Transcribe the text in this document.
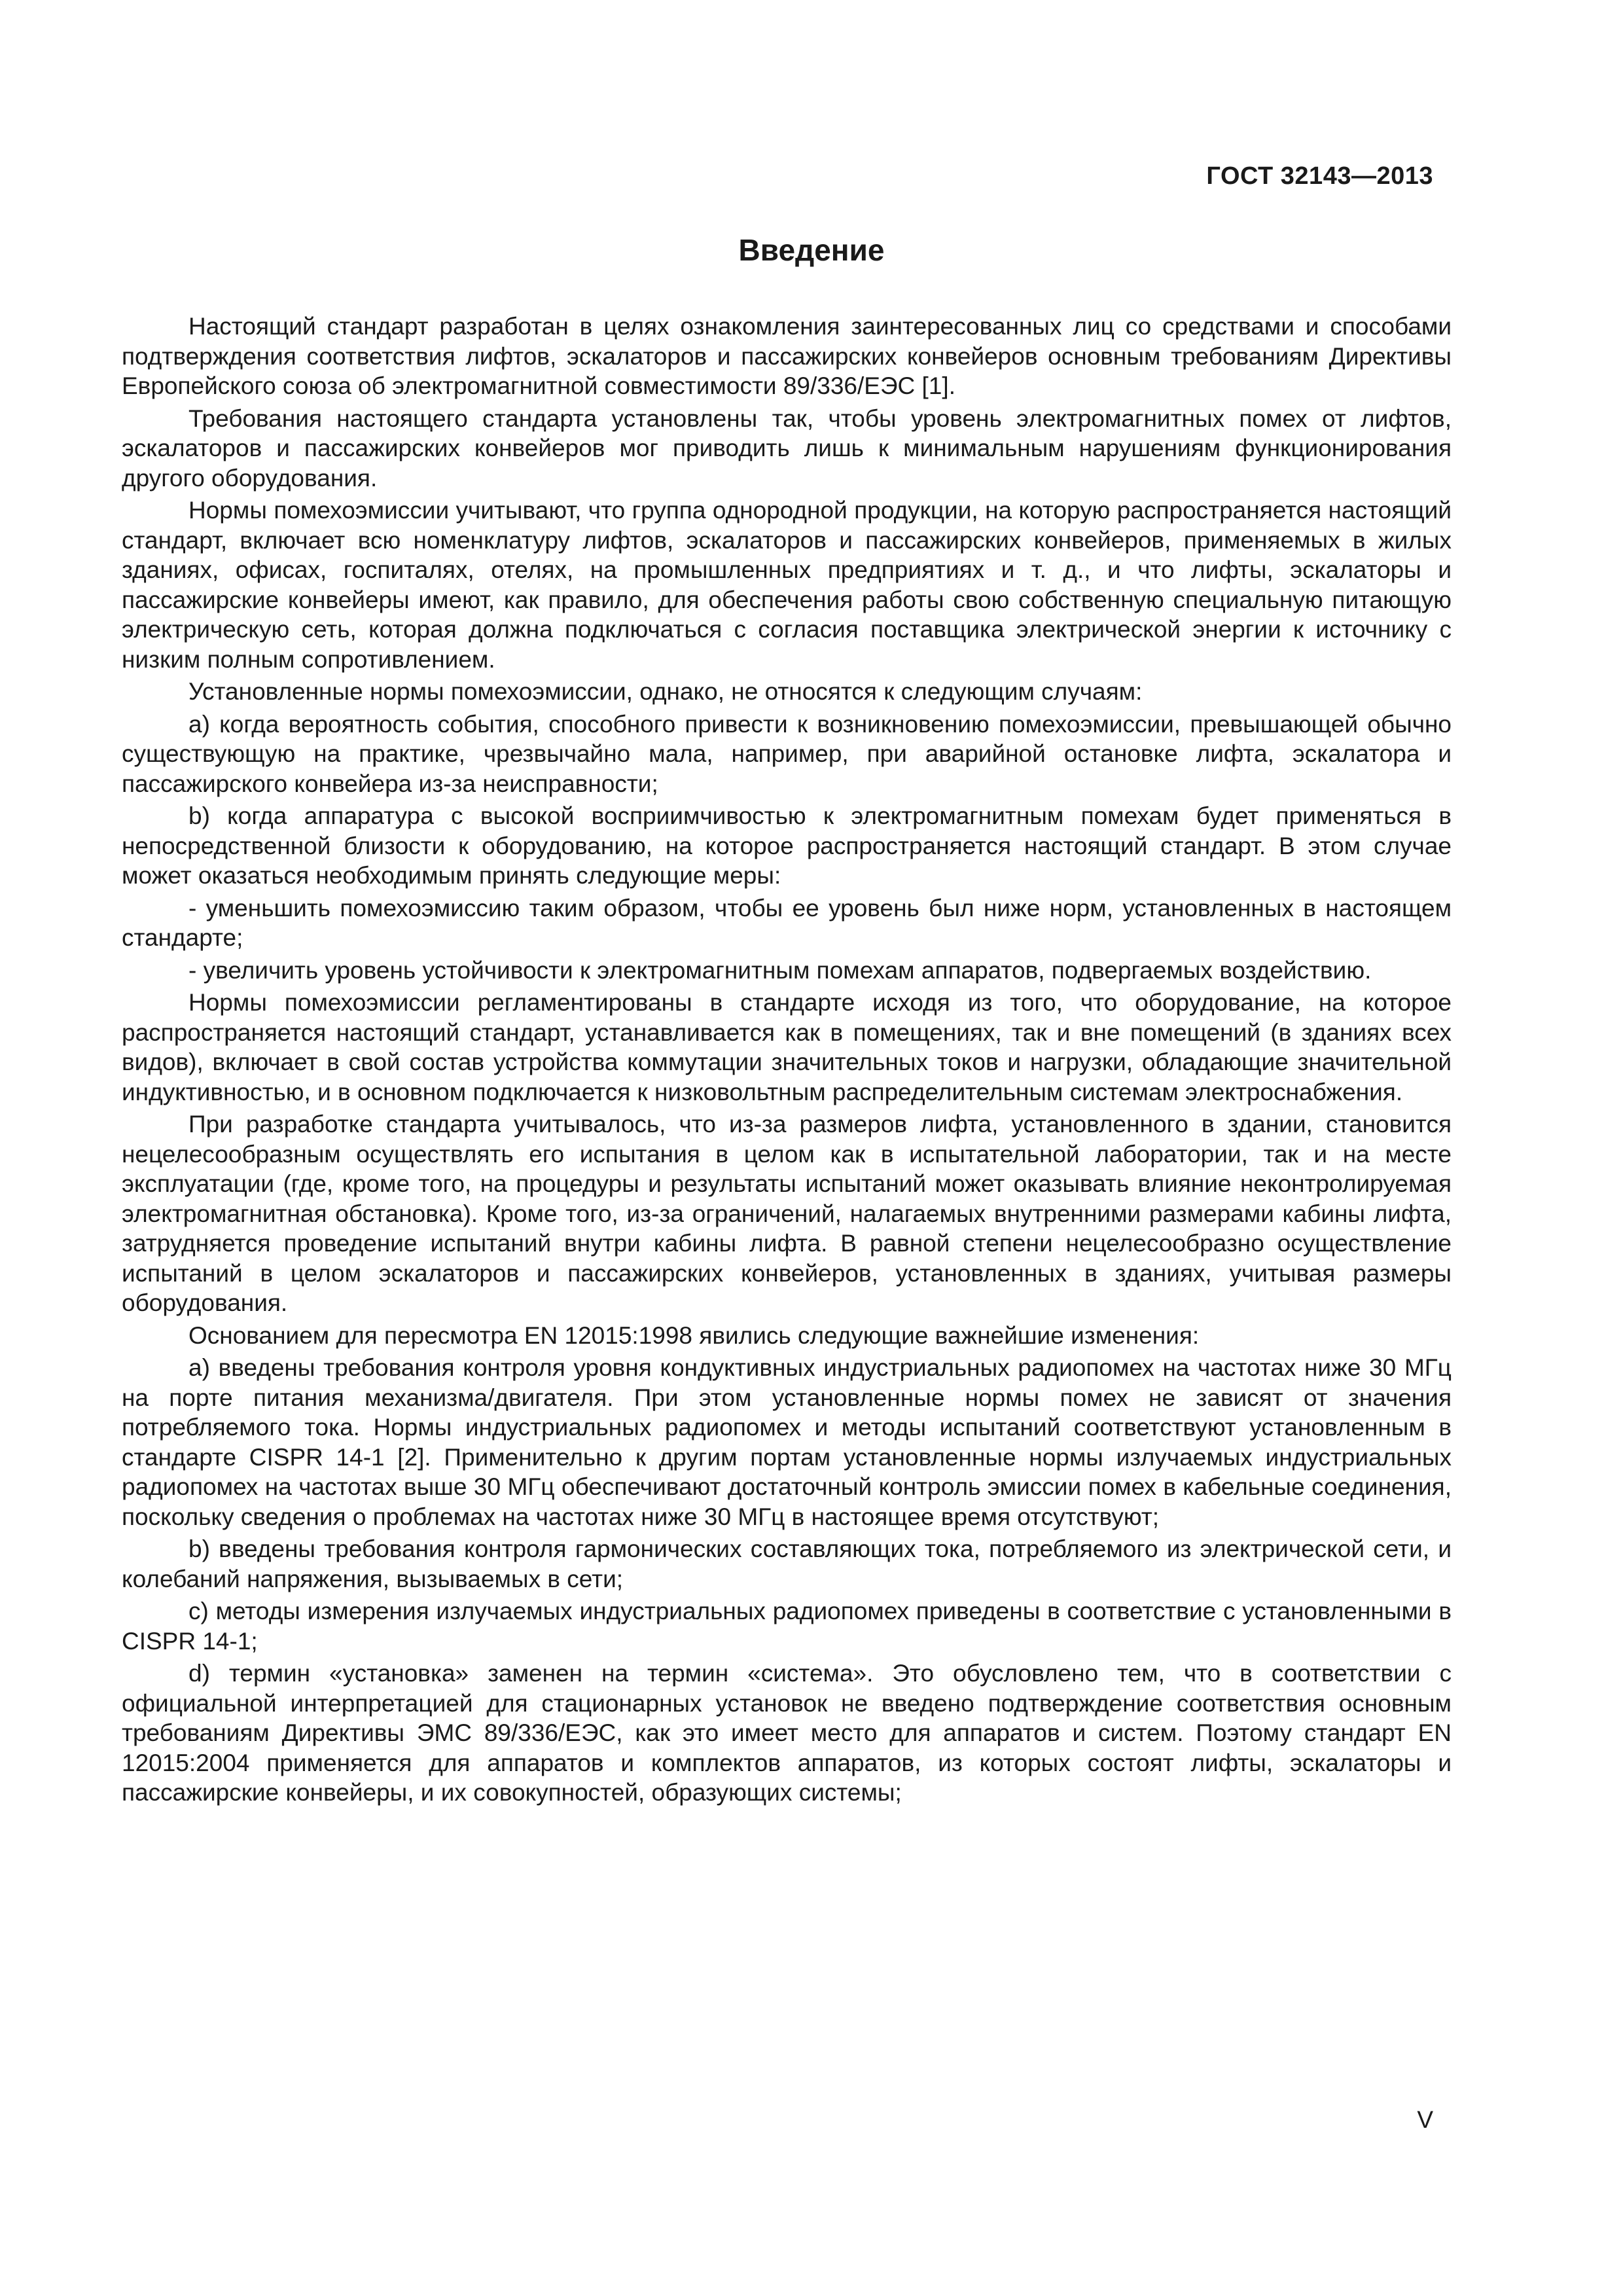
ГОСТ 32143—2013
Введение

Настоящий стандарт разработан в целях ознакомления заинтересованных лиц со средствами и способами подтверждения соответствия лифтов, эскалаторов и пассажирских конвейеров основным требованиям Директивы Европейского союза об электромагнитной совместимости 89/336/ЕЭС [1].

Требования настоящего стандарта установлены так, чтобы уровень электромагнитных помех от лифтов, эскалаторов и пассажирских конвейеров мог приводить лишь к минимальным нарушениям функционирования другого оборудования.

Нормы помехоэмиссии учитывают, что группа однородной продукции, на которую распространяется настоящий стандарт, включает всю номенклатуру лифтов, эскалаторов и пассажирских конвейеров, применяемых в жилых зданиях, офисах, госпиталях, отелях, на промышленных предприятиях и т. д., и что лифты, эскалаторы и пассажирские конвейеры имеют, как правило, для обеспечения работы свою собственную специальную питающую электрическую сеть, которая должна подключаться с согласия поставщика электрической энергии к источнику с низким полным сопротивлением.

Установленные нормы помехоэмиссии, однако, не относятся к следующим случаям:

a) когда вероятность события, способного привести к возникновению помехоэмиссии, превышающей обычно существующую на практике, чрезвычайно мала, например, при аварийной остановке лифта, эскалатора и пассажирского конвейера из-за неисправности;

b) когда аппаратура с высокой восприимчивостью к электромагнитным помехам будет применяться в непосредственной близости к оборудованию, на которое распространяется настоящий стандарт. В этом случае может оказаться необходимым принять следующие меры:

- уменьшить помехоэмиссию таким образом, чтобы ее уровень был ниже норм, установленных в настоящем стандарте;

- увеличить уровень устойчивости к электромагнитным помехам аппаратов, подвергаемых воздействию.

Нормы помехоэмиссии регламентированы в стандарте исходя из того, что оборудование, на которое распространяется настоящий стандарт, устанавливается как в помещениях, так и вне помещений (в зданиях всех видов), включает в свой состав устройства коммутации значительных токов и нагрузки, обладающие значительной индуктивностью, и в основном подключается к низковольтным распределительным системам электроснабжения.

При разработке стандарта учитывалось, что из-за размеров лифта, установленного в здании, становится нецелесообразным осуществлять его испытания в целом как в испытательной лаборатории, так и на месте эксплуатации (где, кроме того, на процедуры и результаты испытаний может оказывать влияние неконтролируемая электромагнитная обстановка). Кроме того, из-за ограничений, налагаемых внутренними размерами кабины лифта, затрудняется проведение испытаний внутри кабины лифта. В равной степени нецелесообразно осуществление испытаний в целом эскалаторов и пассажирских конвейеров, установленных в зданиях, учитывая размеры оборудования.

Основанием для пересмотра EN 12015:1998 явились следующие важнейшие изменения:

a) введены требования контроля уровня кондуктивных индустриальных радиопомех на частотах ниже 30 МГц на порте питания механизма/двигателя. При этом установленные нормы помех не зависят от значения потребляемого тока. Нормы индустриальных радиопомех и методы испытаний соответствуют установленным в стандарте CISPR 14-1 [2]. Применительно к другим портам установленные нормы излучаемых индустриальных радиопомех на частотах выше 30 МГц обеспечивают достаточный контроль эмиссии помех в кабельные соединения, поскольку сведения о проблемах на частотах ниже 30 МГц в настоящее время отсутствуют;

b) введены требования контроля гармонических составляющих тока, потребляемого из электрической сети, и колебаний напряжения, вызываемых в сети;

c) методы измерения излучаемых индустриальных радиопомех приведены в соответствие с установленными в CISPR 14-1;

d) термин «установка» заменен на термин «система». Это обусловлено тем, что в соответствии с официальной интерпретацией для стационарных установок не введено подтверждение соответствия основным требованиям Директивы ЭМС 89/336/ЕЭС, как это имеет место для аппаратов и систем. Поэтому стандарт EN 12015:2004 применяется для аппаратов и комплектов аппаратов, из которых состоят лифты, эскалаторы и пассажирские конвейеры, и их совокупностей, образующих системы;

V
